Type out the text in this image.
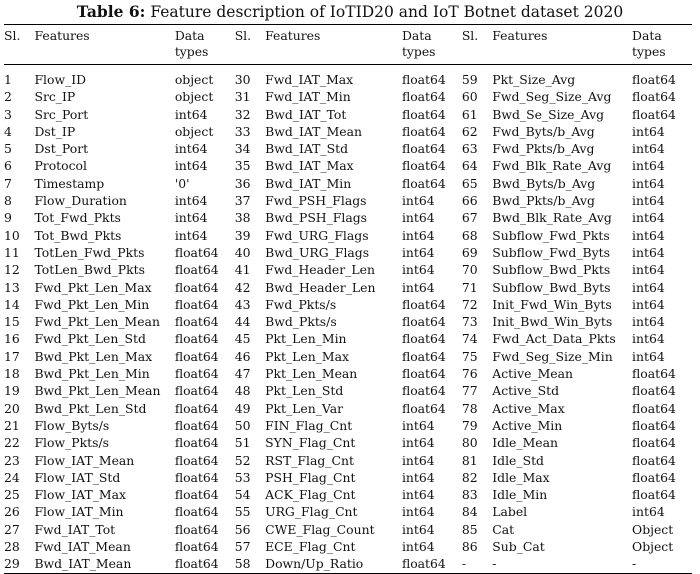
Table 6: Feature description of IoTID20 and IoT Botnet dataset 2020
Sl.	Features	Data
types	Sl.	Features	Data
types	Sl.	Features	Data
types
1	Flow_ID	object	30	Fwd_IAT_Max	float64	59	Pkt_Size_Avg	float64
2	Src_IP	object	31	Fwd_IAT_Min	float64	60	Fwd_Seg_Size_Avg	float64
3	Src_Port	int64	32	Bwd_IAT_Tot	float64	61	Bwd_Se_Size_Avg	float64
4	Dst_IP	object	33	Bwd_IAT_Mean	float64	62	Fwd_Byts/b_Avg	int64
5	Dst_Port	int64	34	Bwd_IAT_Std	float64	63	Fwd_Pkts/b_Avg	int64
6	Protocol	int64	35	Bwd_IAT_Max	float64	64	Fwd_Blk_Rate_Avg	int64
7	Timestamp	'0'	36	Bwd_IAT_Min	float64	65	Bwd_Byts/b_Avg	int64
8	Flow_Duration	int64	37	Fwd_PSH_Flags	int64	66	Bwd_Pkts/b_Avg	int64
9	Tot_Fwd_Pkts	int64	38	Bwd_PSH_Flags	int64	67	Bwd_Blk_Rate_Avg	int64
10	Tot_Bwd_Pkts	int64	39	Fwd_URG_Flags	int64	68	Subflow_Fwd_Pkts	int64
11	TotLen_Fwd_Pkts	float64	40	Bwd_URG_Flags	int64	69	Subflow_Fwd_Byts	int64
12	TotLen_Bwd_Pkts	float64	41	Fwd_Header_Len	int64	70	Subflow_Bwd_Pkts	int64
13	Fwd_Pkt_Len_Max	float64	42	Bwd_Header_Len	int64	71	Subflow_Bwd_Byts	int64
14	Fwd_Pkt_Len_Min	float64	43	Fwd_Pkts/s	float64	72	Init_Fwd_Win_Byts	int64
15	Fwd_Pkt_Len_Mean	float64	44	Bwd_Pkts/s	float64	73	Init_Bwd_Win_Byts	int64
16	Fwd_Pkt_Len_Std	float64	45	Pkt_Len_Min	float64	74	Fwd_Act_Data_Pkts	int64
17	Bwd_Pkt_Len_Max	float64	46	Pkt_Len_Max	float64	75	Fwd_Seg_Size_Min	int64
18	Bwd_Pkt_Len_Min	float64	47	Pkt_Len_Mean	float64	76	Active_Mean	float64
19	Bwd_Pkt_Len_Mean	float64	48	Pkt_Len_Std	float64	77	Active_Std	float64
20	Bwd_Pkt_Len_Std	float64	49	Pkt_Len_Var	float64	78	Active_Max	float64
21	Flow_Byts/s	float64	50	FIN_Flag_Cnt	int64	79	Active_Min	float64
22	Flow_Pkts/s	float64	51	SYN_Flag_Cnt	int64	80	Idle_Mean	float64
23	Flow_IAT_Mean	float64	52	RST_Flag_Cnt	int64	81	Idle_Std	float64
24	Flow_IAT_Std	float64	53	PSH_Flag_Cnt	int64	82	Idle_Max	float64
25	Flow_IAT_Max	float64	54	ACK_Flag_Cnt	int64	83	Idle_Min	float64
26	Flow_IAT_Min	float64	55	URG_Flag_Cnt	int64	84	Label	int64
27	Fwd_IAT_Tot	float64	56	CWE_Flag_Count	int64	85	Cat	Object
28	Fwd_IAT_Mean	float64	57	ECE_Flag_Cnt	int64	86	Sub_Cat	Object
29	Bwd_IAT_Mean	float64	58	Down/Up_Ratio	float64	-	-	-
